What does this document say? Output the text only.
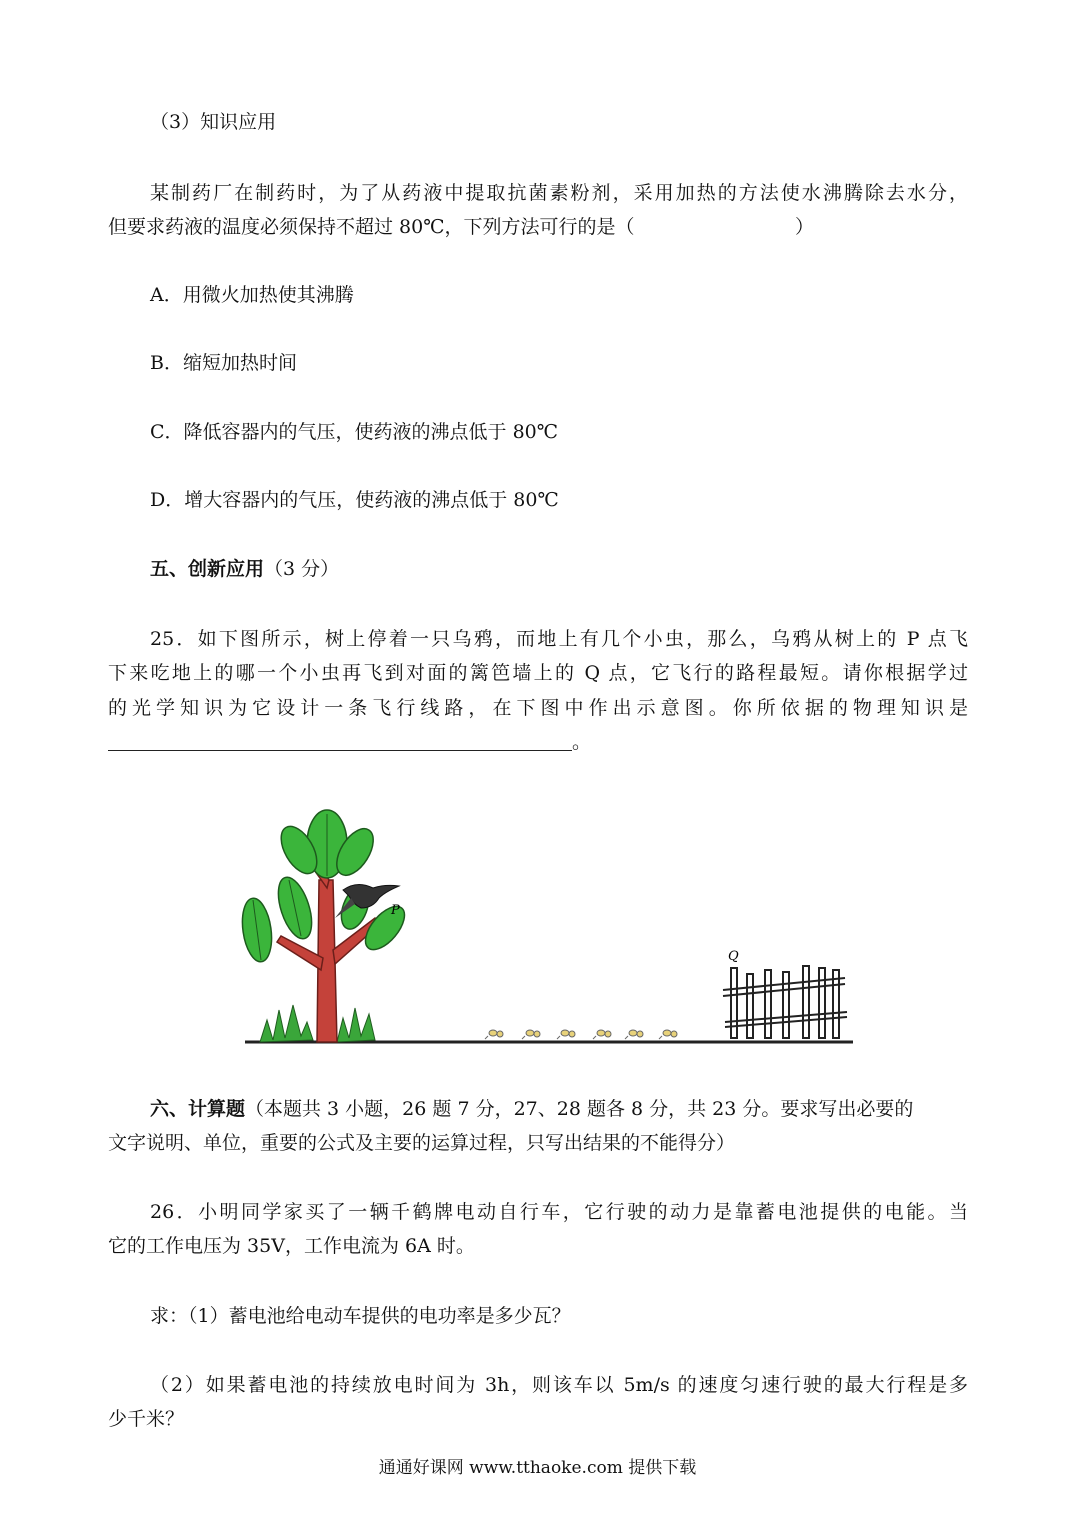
（3）知识应用
某制药厂在制药时，为了从药液中提取抗菌素粉剂，采用加热的方法使水沸腾除去水分，
但要求药液的温度必须保持不超过 80℃，下列方法可行的是（	）
A．用微火加热使其沸腾
B．缩短加热时间
C．降低容器内的气压，使药液的沸点低于 80℃
D．增大容器内的气压，使药液的沸点低于 80℃
五、创新应用（3 分）
25．如下图所示，树上停着一只乌鸦，而地上有几个小虫，那么，乌鸦从树上的 P 点飞
下来吃地上的哪一个小虫再飞到对面的篱笆墙上的 Q 点，它飞行的路程最短。请你根据学过
的光学知识为它设计一条飞行线路，在下图中作出示意图。你所依据的物理知识是
。
P
Q
六、计算题（本题共 3 小题，26 题 7 分，27、28 题各 8 分，共 23 分。要求写出必要的
文字说明、单位，重要的公式及主要的运算过程，只写出结果的不能得分）
26．小明同学家买了一辆千鹤牌电动自行车，它行驶的动力是靠蓄电池提供的电能。当
它的工作电压为 35V，工作电流为 6A 时。
求：（1）蓄电池给电动车提供的电功率是多少瓦？
（2）如果蓄电池的持续放电时间为 3h，则该车以 5m/s 的速度匀速行驶的最大行程是多
少千米？
通通好课网 www.tthaoke.com 提供下载
